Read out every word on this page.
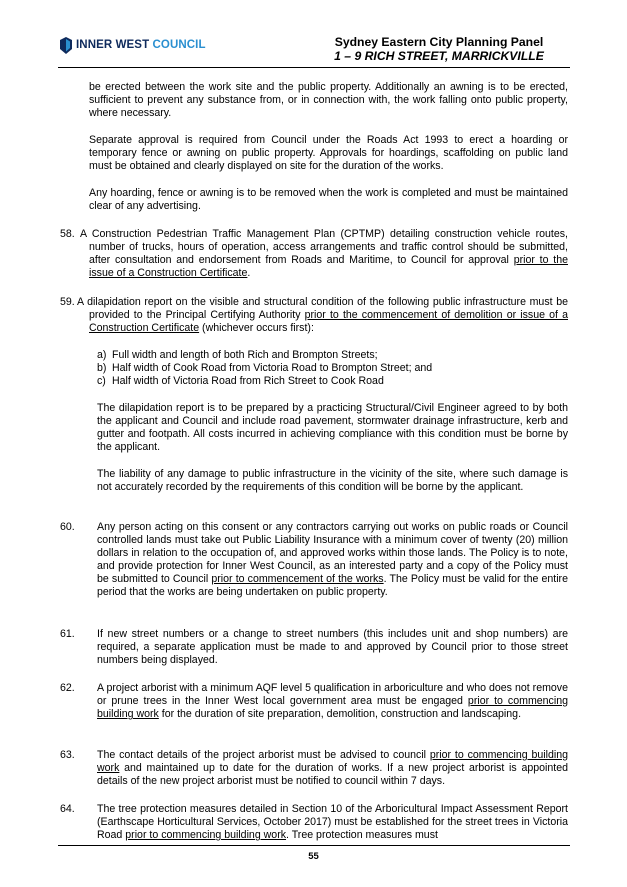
INNER WEST COUNCIL	Sydney Eastern City Planning Panel
1 – 9 RICH STREET, MARRICKVILLE

be erected between the work site and the public property. Additionally an awning is to be erected, sufficient to prevent any substance from, or in connection with, the work falling onto public property, where necessary.

Separate approval is required from Council under the Roads Act 1993 to erect a hoarding or temporary fence or awning on public property. Approvals for hoardings, scaffolding on public land must be obtained and clearly displayed on site for the duration of the works.

Any hoarding, fence or awning is to be removed when the work is completed and must be maintained clear of any advertising.

58. A Construction Pedestrian Traffic Management Plan (CPTMP) detailing construction vehicle routes, number of trucks, hours of operation, access arrangements and traffic control should be submitted, after consultation and endorsement from Roads and Maritime, to Council for approval prior to the issue of a Construction Certificate.

59. A dilapidation report on the visible and structural condition of the following public infrastructure must be provided to the Principal Certifying Authority prior to the commencement of demolition or issue of a Construction Certificate (whichever occurs first):

a) Full width and length of both Rich and Brompton Streets;
b) Half width of Cook Road from Victoria Road to Brompton Street; and
c) Half width of Victoria Road from Rich Street to Cook Road

The dilapidation report is to be prepared by a practicing Structural/Civil Engineer agreed to by both the applicant and Council and include road pavement, stormwater drainage infrastructure, kerb and gutter and footpath. All costs incurred in achieving compliance with this condition must be borne by the applicant.

The liability of any damage to public infrastructure in the vicinity of the site, where such damage is not accurately recorded by the requirements of this condition will be borne by the applicant.

60. Any person acting on this consent or any contractors carrying out works on public roads or Council controlled lands must take out Public Liability Insurance with a minimum cover of twenty (20) million dollars in relation to the occupation of, and approved works within those lands. The Policy is to note, and provide protection for Inner West Council, as an interested party and a copy of the Policy must be submitted to Council prior to commencement of the works. The Policy must be valid for the entire period that the works are being undertaken on public property.

61. If new street numbers or a change to street numbers (this includes unit and shop numbers) are required, a separate application must be made to and approved by Council prior to those street numbers being displayed.

62. A project arborist with a minimum AQF level 5 qualification in arboriculture and who does not remove or prune trees in the Inner West local government area must be engaged prior to commencing building work for the duration of site preparation, demolition, construction and landscaping.

63. The contact details of the project arborist must be advised to council prior to commencing building work and maintained up to date for the duration of works. If a new project arborist is appointed details of the new project arborist must be notified to council within 7 days.

64. The tree protection measures detailed in Section 10 of the Arboricultural Impact Assessment Report (Earthscape Horticultural Services, October 2017) must be established for the street trees in Victoria Road prior to commencing building work. Tree protection measures must

55
